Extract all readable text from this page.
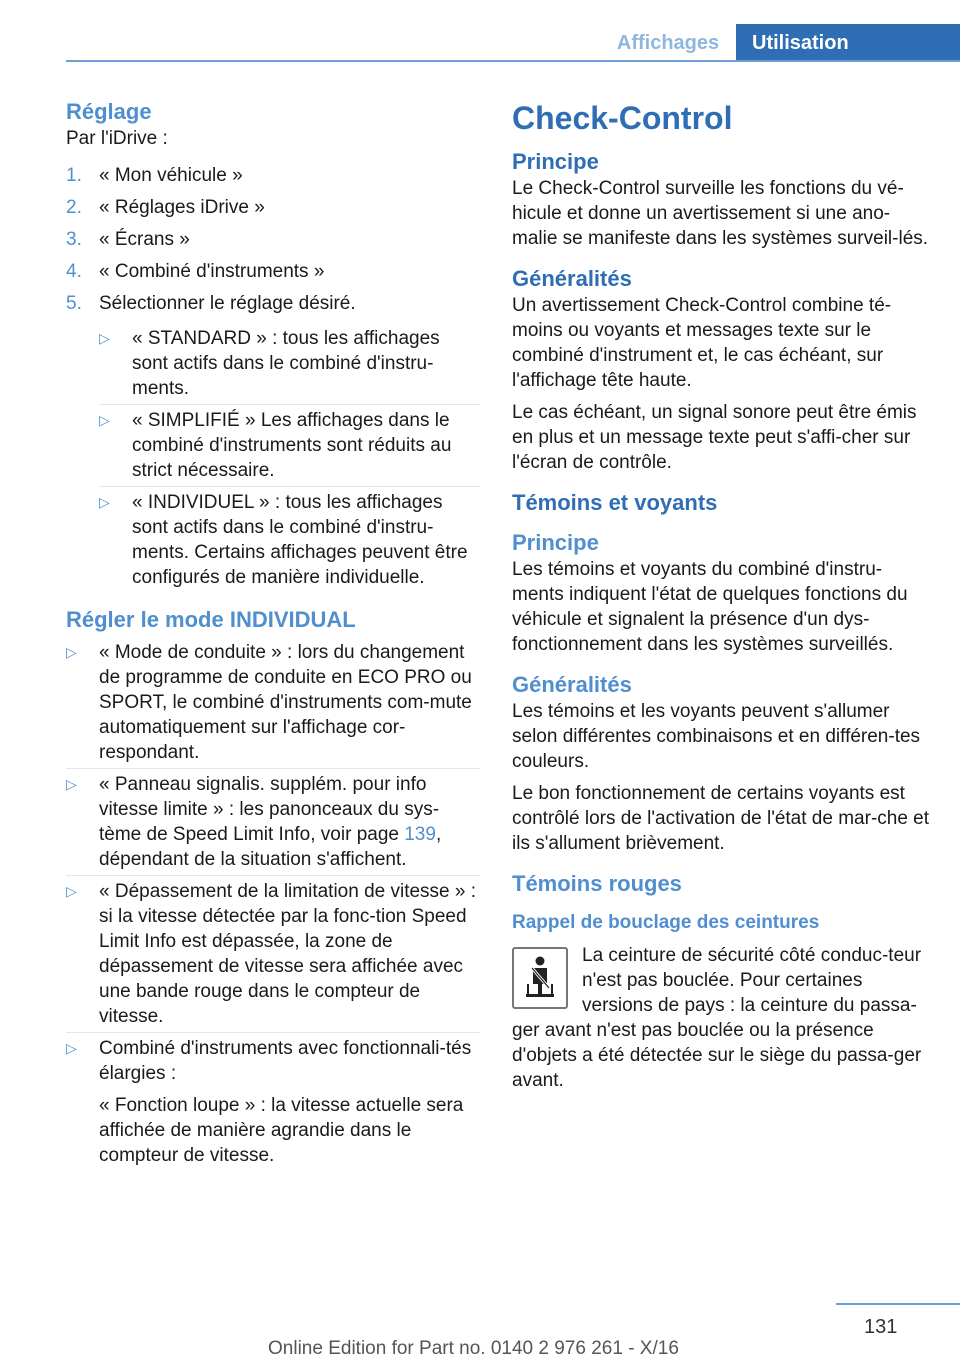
Affichages	Utilisation
Réglage

Par l'iDrive :

1. « Mon véhicule »
2. « Réglages iDrive »
3. « Écrans »
4. « Combiné d'instruments »
5. Sélectionner le réglage désiré.
▷ « STANDARD » : tous les affichages sont actifs dans le combiné d'instru-ments.
▷ « SIMPLIFIÉ » Les affichages dans le combiné d'instruments sont réduits au strict nécessaire.
▷ « INDIVIDUEL » : tous les affichages sont actifs dans le combiné d'instru-ments. Certains affichages peuvent être configurés de manière individuelle.
Régler le mode INDIVIDUAL
▷ « Mode de conduite » : lors du changement de programme de conduite en ECO PRO ou SPORT, le combiné d'instruments com-mute automatiquement sur l'affichage cor-respondant.
▷ « Panneau signalis. supplém. pour info vitesse limite » : les panonceaux du sys-tème de Speed Limit Info, voir page 139, dépendant de la situation s'affichent.
▷ « Dépassement de la limitation de vitesse » : si la vitesse détectée par la fonc-tion Speed Limit Info est dépassée, la zone de dépassement de vitesse sera affichée avec une bande rouge dans le compteur de vitesse.
▷ Combiné d'instruments avec fonctionnali-tés élargies :

« Fonction loupe » : la vitesse actuelle sera affichée de manière agrandie dans le compteur de vitesse.

Check-Control
Principe

Le Check-Control surveille les fonctions du vé-hicule et donne un avertissement si une ano-malie se manifeste dans les systèmes surveil-lés.

Généralités

Un avertissement Check-Control combine té-moins ou voyants et messages texte sur le combiné d'instrument et, le cas échéant, sur l'affichage tête haute.

Le cas échéant, un signal sonore peut être émis en plus et un message texte peut s'affi-cher sur l'écran de contrôle.

Témoins et voyants
Principe

Les témoins et voyants du combiné d'instru-ments indiquent l'état de quelques fonctions du véhicule et signalent la présence d'un dys-fonctionnement dans les systèmes surveillés.

Généralités

Les témoins et les voyants peuvent s'allumer selon différentes combinaisons et en différen-tes couleurs.

Le bon fonctionnement de certains voyants est contrôlé lors de l'activation de l'état de mar-che et ils s'allument brièvement.

Témoins rouges
Rappel de bouclage des ceintures

La ceinture de sécurité côté conduc-teur n'est pas bouclée. Pour certaines versions de pays : la ceinture du passa-ger avant n'est pas bouclée ou la présence d'objets a été détectée sur le siège du passa-ger avant.

131
Online Edition for Part no. 0140 2 976 261 - X/16
